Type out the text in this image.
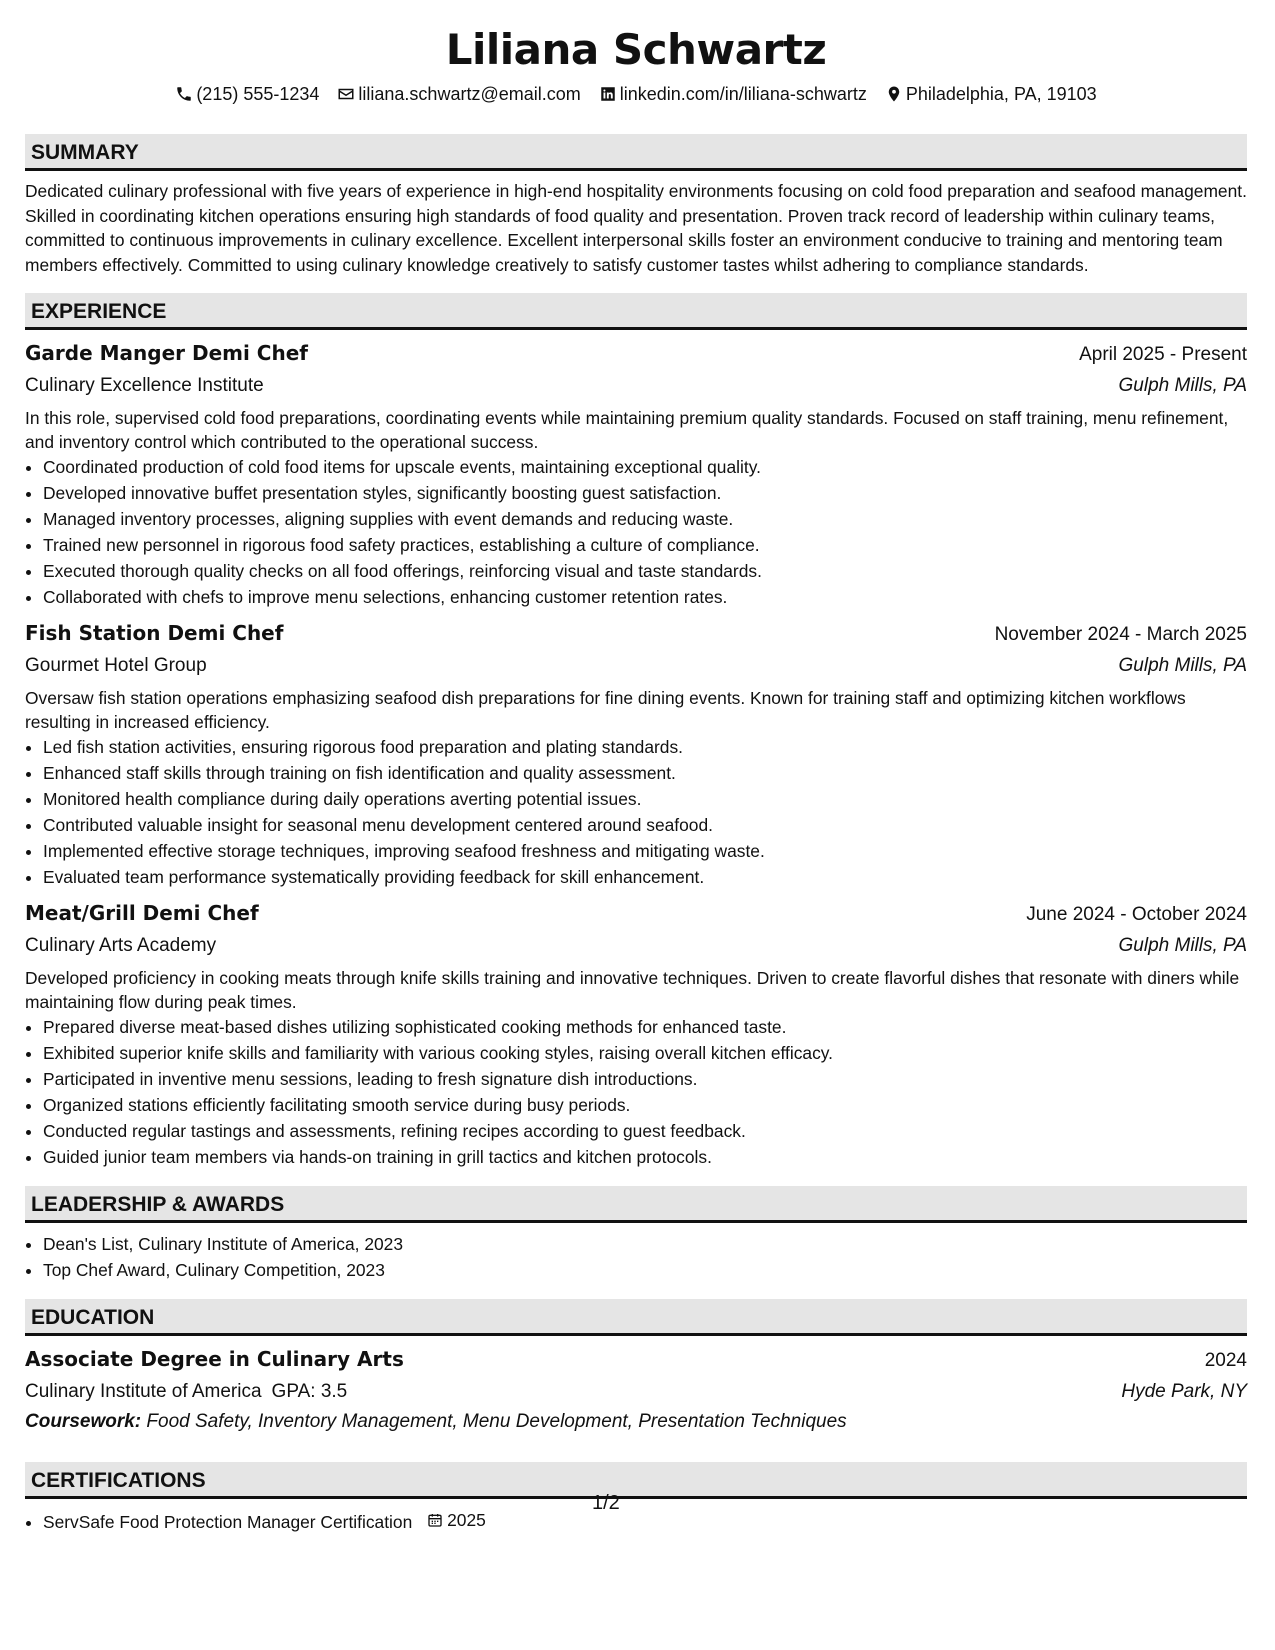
Liliana Schwartz
(215) 555-1234 liliana.schwartz@email.com linkedin.com/in/liliana-schwartz Philadelphia, PA, 19103
SUMMARY
Dedicated culinary professional with five years of experience in high-end hospitality environments focusing on cold food preparation and seafood management. Skilled in coordinating kitchen operations ensuring high standards of food quality and presentation. Proven track record of leadership within culinary teams, committed to continuous improvements in culinary excellence. Excellent interpersonal skills foster an environment conducive to training and mentoring team members effectively. Committed to using culinary knowledge creatively to satisfy customer tastes whilst adhering to compliance standards.
EXPERIENCE
Garde Manger Demi Chef	April 2025 - Present
Culinary Excellence Institute	Gulph Mills, PA
In this role, supervised cold food preparations, coordinating events while maintaining premium quality standards. Focused on staff training, menu refinement, and inventory control which contributed to the operational success.
• Coordinated production of cold food items for upscale events, maintaining exceptional quality.
• Developed innovative buffet presentation styles, significantly boosting guest satisfaction.
• Managed inventory processes, aligning supplies with event demands and reducing waste.
• Trained new personnel in rigorous food safety practices, establishing a culture of compliance.
• Executed thorough quality checks on all food offerings, reinforcing visual and taste standards.
• Collaborated with chefs to improve menu selections, enhancing customer retention rates.
Fish Station Demi Chef	November 2024 - March 2025
Gourmet Hotel Group	Gulph Mills, PA
Oversaw fish station operations emphasizing seafood dish preparations for fine dining events. Known for training staff and optimizing kitchen workflows resulting in increased efficiency.
• Led fish station activities, ensuring rigorous food preparation and plating standards.
• Enhanced staff skills through training on fish identification and quality assessment.
• Monitored health compliance during daily operations averting potential issues.
• Contributed valuable insight for seasonal menu development centered around seafood.
• Implemented effective storage techniques, improving seafood freshness and mitigating waste.
• Evaluated team performance systematically providing feedback for skill enhancement.
Meat/Grill Demi Chef	June 2024 - October 2024
Culinary Arts Academy	Gulph Mills, PA
Developed proficiency in cooking meats through knife skills training and innovative techniques. Driven to create flavorful dishes that resonate with diners while maintaining flow during peak times.
• Prepared diverse meat-based dishes utilizing sophisticated cooking methods for enhanced taste.
• Exhibited superior knife skills and familiarity with various cooking styles, raising overall kitchen efficacy.
• Participated in inventive menu sessions, leading to fresh signature dish introductions.
• Organized stations efficiently facilitating smooth service during busy periods.
• Conducted regular tastings and assessments, refining recipes according to guest feedback.
• Guided junior team members via hands-on training in grill tactics and kitchen protocols.
LEADERSHIP & AWARDS
• Dean's List, Culinary Institute of America, 2023
• Top Chef Award, Culinary Competition, 2023
EDUCATION
Associate Degree in Culinary Arts	2024
Culinary Institute of America GPA: 3.5	Hyde Park, NY
Coursework: Food Safety, Inventory Management, Menu Development, Presentation Techniques
CERTIFICATIONS
• ServSafe Food Protection Manager Certification 2025
1/2
